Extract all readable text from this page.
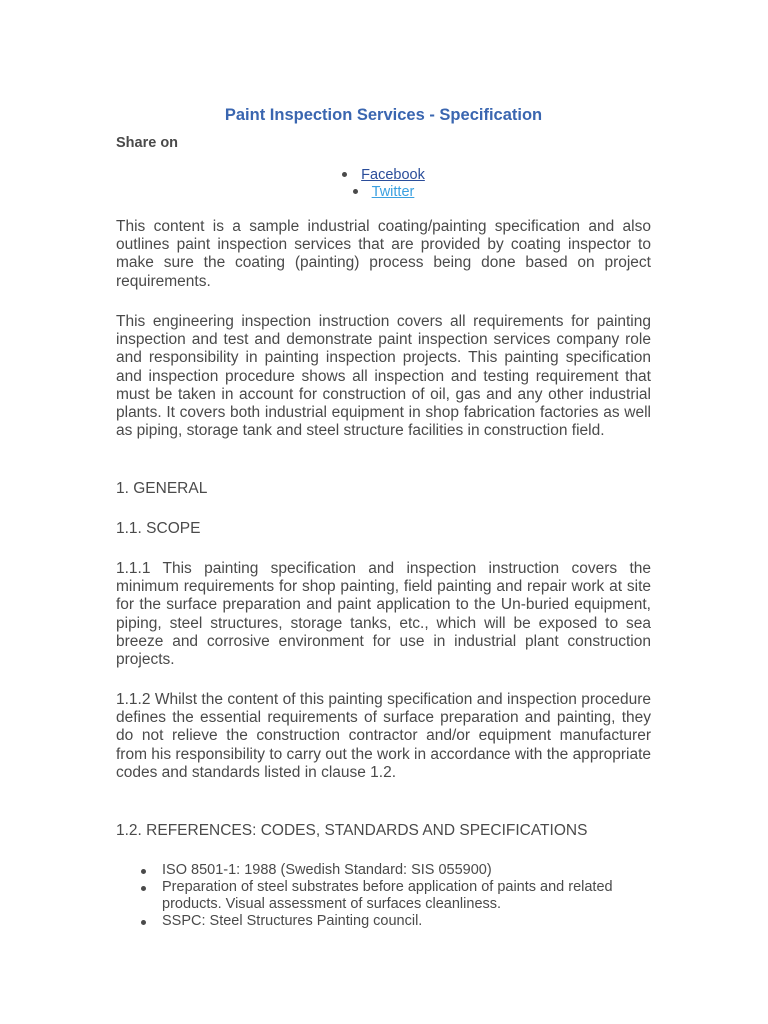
Paint Inspection Services - Specification

Share on

Facebook
Twitter

This content is a sample industrial coating/painting specification and also outlines paint inspection services that are provided by coating inspector to make sure the coating (painting) process being done based on project requirements.

This engineering inspection instruction covers all requirements for painting inspection and test and demonstrate paint inspection services company role and responsibility in painting inspection projects. This painting specification and inspection procedure shows all inspection and testing requirement that must be taken in account for construction of oil, gas and any other industrial plants. It covers both industrial equipment in shop fabrication factories as well as piping, storage tank and steel structure facilities in construction field.

1. GENERAL

1.1. SCOPE

1.1.1 This painting specification and inspection instruction covers the minimum requirements for shop painting, field painting and repair work at site for the surface preparation and paint application to the Un-buried equipment, piping, steel structures, storage tanks, etc., which will be exposed to sea breeze and corrosive environment for use in industrial plant construction projects.

1.1.2 Whilst the content of this painting specification and inspection procedure defines the essential requirements of surface preparation and painting, they do not relieve the construction contractor and/or equipment manufacturer from his responsibility to carry out the work in accordance with the appropriate codes and standards listed in clause 1.2.

1.2. REFERENCES: CODES, STANDARDS AND SPECIFICATIONS

ISO 8501-1: 1988 (Swedish Standard: SIS 055900)
Preparation of steel substrates before application of paints and related products. Visual assessment of surfaces cleanliness.
SSPC: Steel Structures Painting council.
